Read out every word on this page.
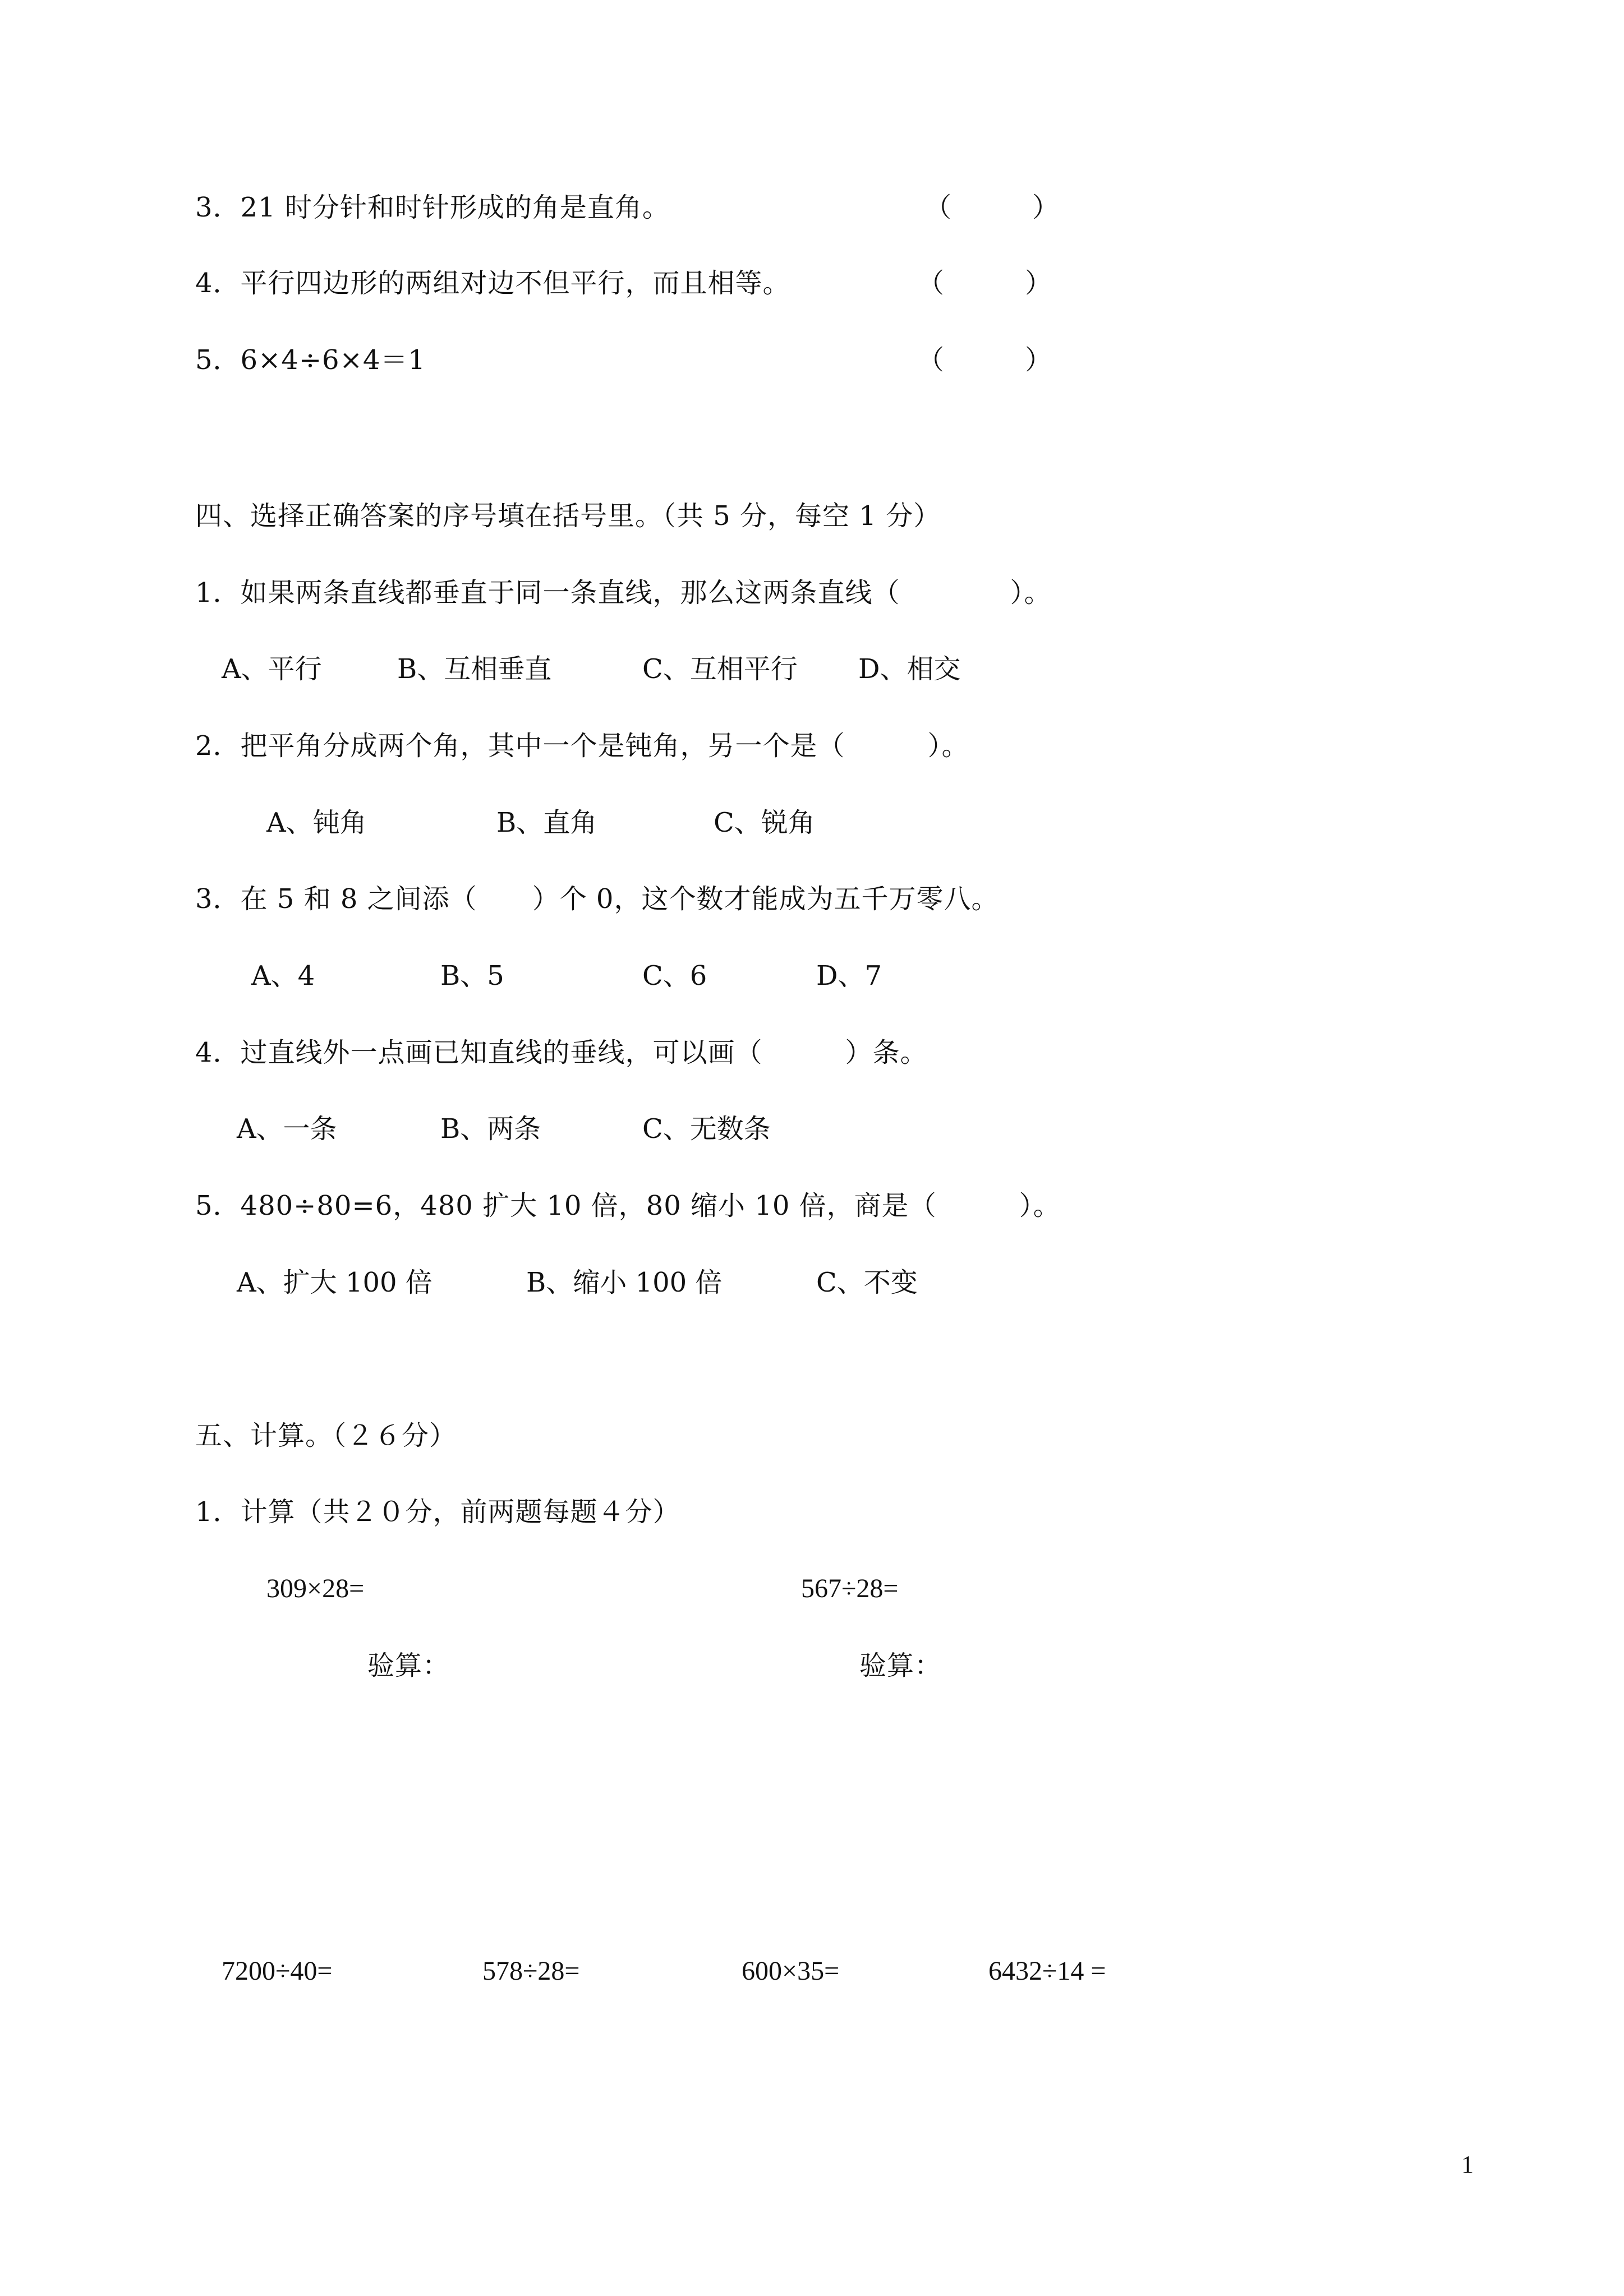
3．21 时分针和时针形成的角是直角。	（　　　）
4．平行四边形的两组对边不但平行，而且相等。	（　　　）
5．6×4÷6×4＝1	（　　　）
四、选择正确答案的序号填在括号里。（共 5 分，每空 1 分）
1．如果两条直线都垂直于同一条直线，那么这两条直线（　　　　）。
A、平行	B、互相垂直	C、互相平行 D、相交
2．把平角分成两个角，其中一个是钝角，另一个是（　　　）。
A、钝角	B、直角	C、锐角
3．在 5 和 8 之间添（　　）个 0，这个数才能成为五千万零八。
A、4	B、5	C、6	D、7
4．过直线外一点画已知直线的垂线，可以画（　　　）条。
A、一条	B、两条	C、无数条
5．480÷80=6，480 扩大 10 倍，80 缩小 10 倍，商是（　　　）。
A、扩大 100 倍	B、缩小 100 倍	C、不变
五、计算。（２６分）
1．计算（共２０分，前两题每题４分）
309×28=	567÷28=
验算：	验算：
7200÷40=	578÷28=	600×35=	6432÷14 =
1
